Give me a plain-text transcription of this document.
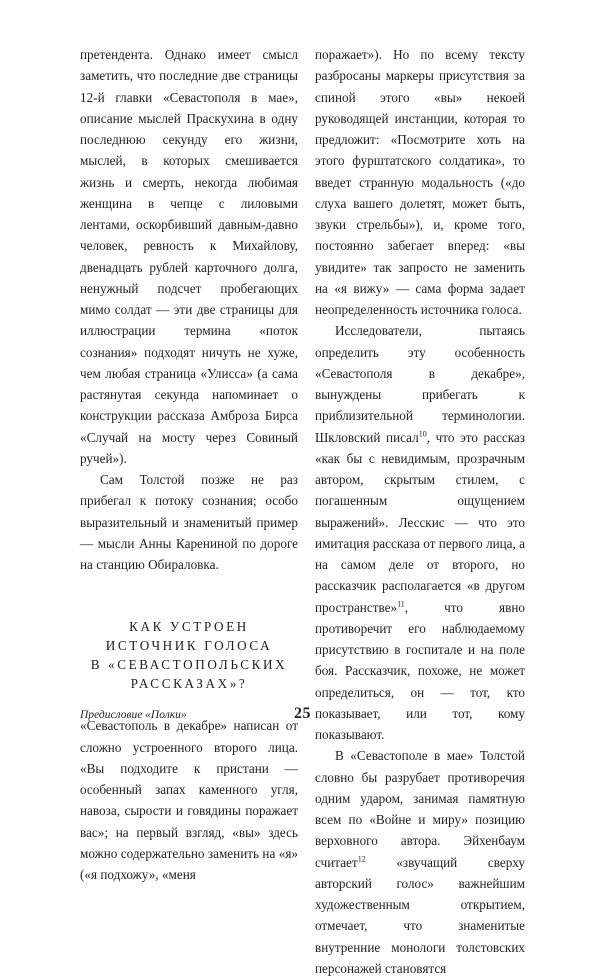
претендента. Однако имеет смысл заметить, что последние две страницы 12-й главки «Севастополя в мае», описание мыслей Праскухина в одну последнюю секунду его жизни, мыслей, в которых смешивается жизнь и смерть, некогда любимая женщина в чепце с лиловыми лентами, оскорбивший давным-давно человек, ревность к Михайлову, двенадцать рублей карточного долга, ненужный подсчет пробегающих мимо солдат — эти две страницы для иллюстрации термина «поток сознания» подходят ничуть не хуже, чем любая страница «Улисса» (а сама растянутая секунда напоминает о конструкции рассказа Амброза Бирса «Случай на мосту через Совиный ручей»).

Сам Толстой позже не раз прибегал к потоку сознания; особо выразительный и знаменитый пример — мысли Анны Карениной по дороге на станцию Обираловка.

КАК УСТРОЕН
ИСТОЧНИК ГОЛОСА
В «СЕВАСТОПОЛЬСКИХ
РАССКАЗАХ»?

«Севастополь в декабре» написан от сложно устроенного второго лица. «Вы подходите к пристани — особенный запах каменного угля, навоза, сырости и говядины поражает вас»; на первый взгляд, «вы» здесь можно содержательно заменить на «я» («я подхожу», «меня

поражает»). Но по всему тексту разбросаны маркеры присутствия за спиной этого «вы» некоей руководящей инстанции, которая то предложит: «Посмотрите хоть на этого фурштатского солдатика», то введет странную модальность («до слуха вашего долетят, может быть, звуки стрельбы»), и, кроме того, постоянно забегает вперед: «вы увидите» так запросто не заменить на «я вижу» — сама форма задает неопределенность источника голоса.

Исследователи, пытаясь определить эту особенность «Севастополя в декабре», вынуждены прибегать к приблизительной терминологии. Шкловский писал$^{10}$, что это рассказ «как бы с невидимым, прозрачным автором, скрытым стилем, с погашенным ощущением выражений». Лесскис — что это имитация рассказа от первого лица, а на самом деле от второго, но рассказчик располагается «в другом пространстве»$^{11}$, что явно противоречит его наблюдаемому присутствию в госпитале и на поле боя. Рассказчик, похоже, не может определиться, он — тот, кто показывает, или тот, кому показывают.

В «Севастополе в мае» Толстой словно бы разрубает противоречия одним ударом, занимая памятную всем по «Войне и миру» позицию верховного автора. Эйхенбаум считает$^{12}$ «звучащий сверху авторский голос» важнейшим художественным открытием, отмечает, что знаменитые внутренние монологи толстовских персонажей становятся

Предисловие «Полки»	25
